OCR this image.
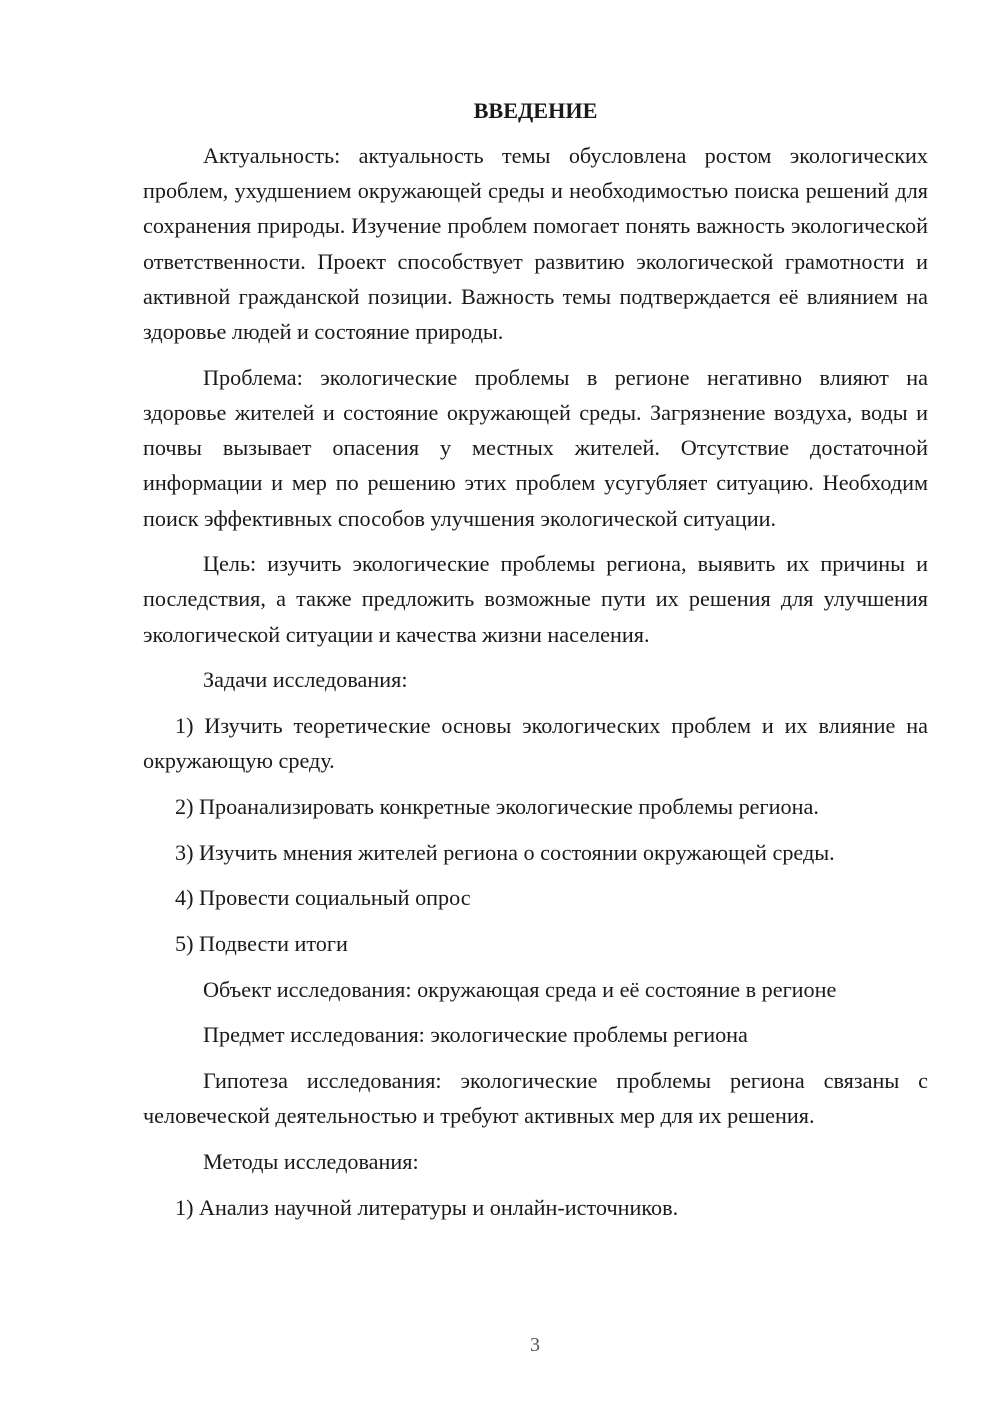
ВВЕДЕНИЕ

Актуальность: актуальность темы обусловлена ростом экологических проблем, ухудшением окружающей среды и необходимостью поиска решений для сохранения природы. Изучение проблем помогает понять важность экологической ответственности. Проект способствует развитию экологической грамотности и активной гражданской позиции. Важность темы подтверждается её влиянием на здоровье людей и состояние природы.

Проблема: экологические проблемы в регионе негативно влияют на здоровье жителей и состояние окружающей среды. Загрязнение воздуха, воды и почвы вызывает опасения у местных жителей. Отсутствие достаточной информации и мер по решению этих проблем усугубляет ситуацию. Необходим поиск эффективных способов улучшения экологической ситуации.

Цель: изучить экологические проблемы региона, выявить их причины и последствия, а также предложить возможные пути их решения для улучшения экологической ситуации и качества жизни населения.

Задачи исследования:

1) Изучить теоретические основы экологических проблем и их влияние на окружающую среду.

2) Проанализировать конкретные экологические проблемы региона.

3) Изучить мнения жителей региона о состоянии окружающей среды.

4) Провести социальный опрос

5) Подвести итоги

Объект исследования: окружающая среда и её состояние в регионе

Предмет исследования: экологические проблемы региона

Гипотеза исследования: экологические проблемы региона связаны с человеческой деятельностью и требуют активных мер для их решения.

Методы исследования:

1) Анализ научной литературы и онлайн-источников.

3
